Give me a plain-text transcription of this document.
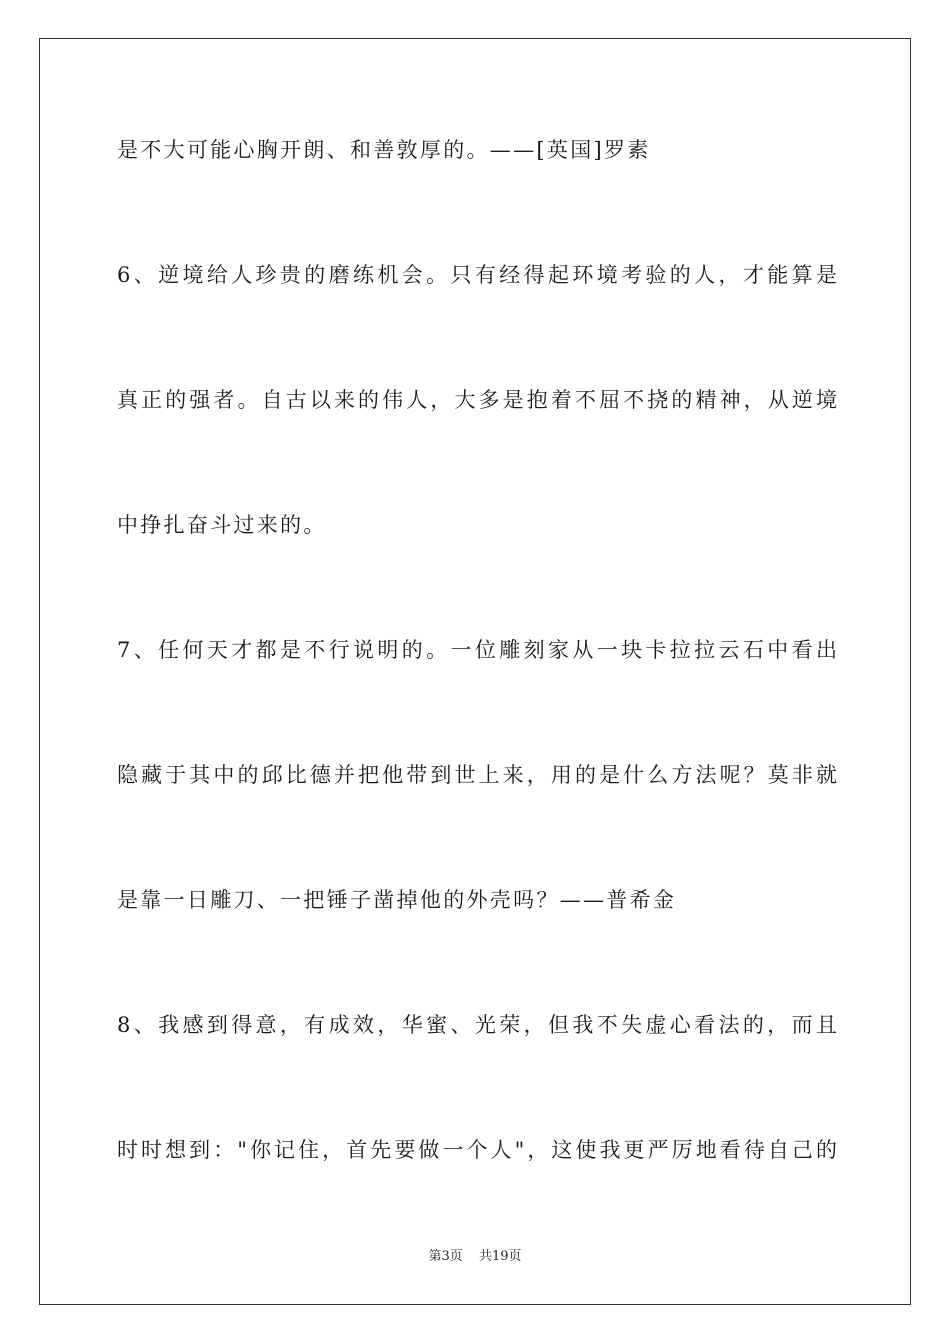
是不大可能心胸开朗、和善敦厚的。——[英国]罗素
6、逆境给人珍贵的磨练机会。只有经得起环境考验的人，才能算是
真正的强者。自古以来的伟人，大多是抱着不屈不挠的精神，从逆境
中挣扎奋斗过来的。
7、任何天才都是不行说明的。一位雕刻家从一块卡拉拉云石中看出
隐藏于其中的邱比德并把他带到世上来，用的是什么方法呢？莫非就
是靠一日雕刀、一把锤子凿掉他的外壳吗？——普希金
8、我感到得意，有成效，华蜜、光荣，但我不失虚心看法的，而且
时时想到："你记住，首先要做一个人"，这使我更严厉地看待自己的
第3页 共19页
